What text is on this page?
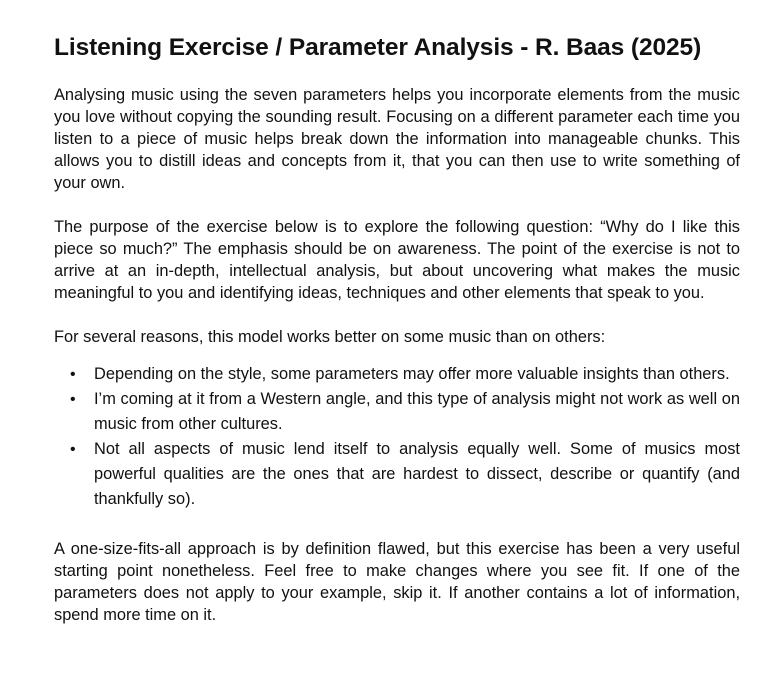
Listening Exercise / Parameter Analysis - R. Baas (2025)

Analysing music using the seven parameters helps you incorporate elements from the music you love without copying the sounding result. Focusing on a different parameter each time you listen to a piece of music helps break down the information into manageable chunks. This allows you to distill ideas and concepts from it, that you can then use to write something of your own.

The purpose of the exercise below is to explore the following question: “Why do I like this piece so much?” The emphasis should be on awareness. The point of the exercise is not to arrive at an in-depth, intellectual analysis, but about uncovering what makes the music meaningful to you and identifying ideas, techniques and other elements that speak to you.

For several reasons, this model works better on some music than on others:

• Depending on the style, some parameters may offer more valuable insights than others.
• I’m coming at it from a Western angle, and this type of analysis might not work as well on music from other cultures.
• Not all aspects of music lend itself to analysis equally well. Some of musics most powerful qualities are the ones that are hardest to dissect, describe or quantify (and thankfully so).

A one-size-fits-all approach is by definition flawed, but this exercise has been a very useful starting point nonetheless. Feel free to make changes where you see fit. If one of the parameters does not apply to your example, skip it. If another contains a lot of information, spend more time on it.
